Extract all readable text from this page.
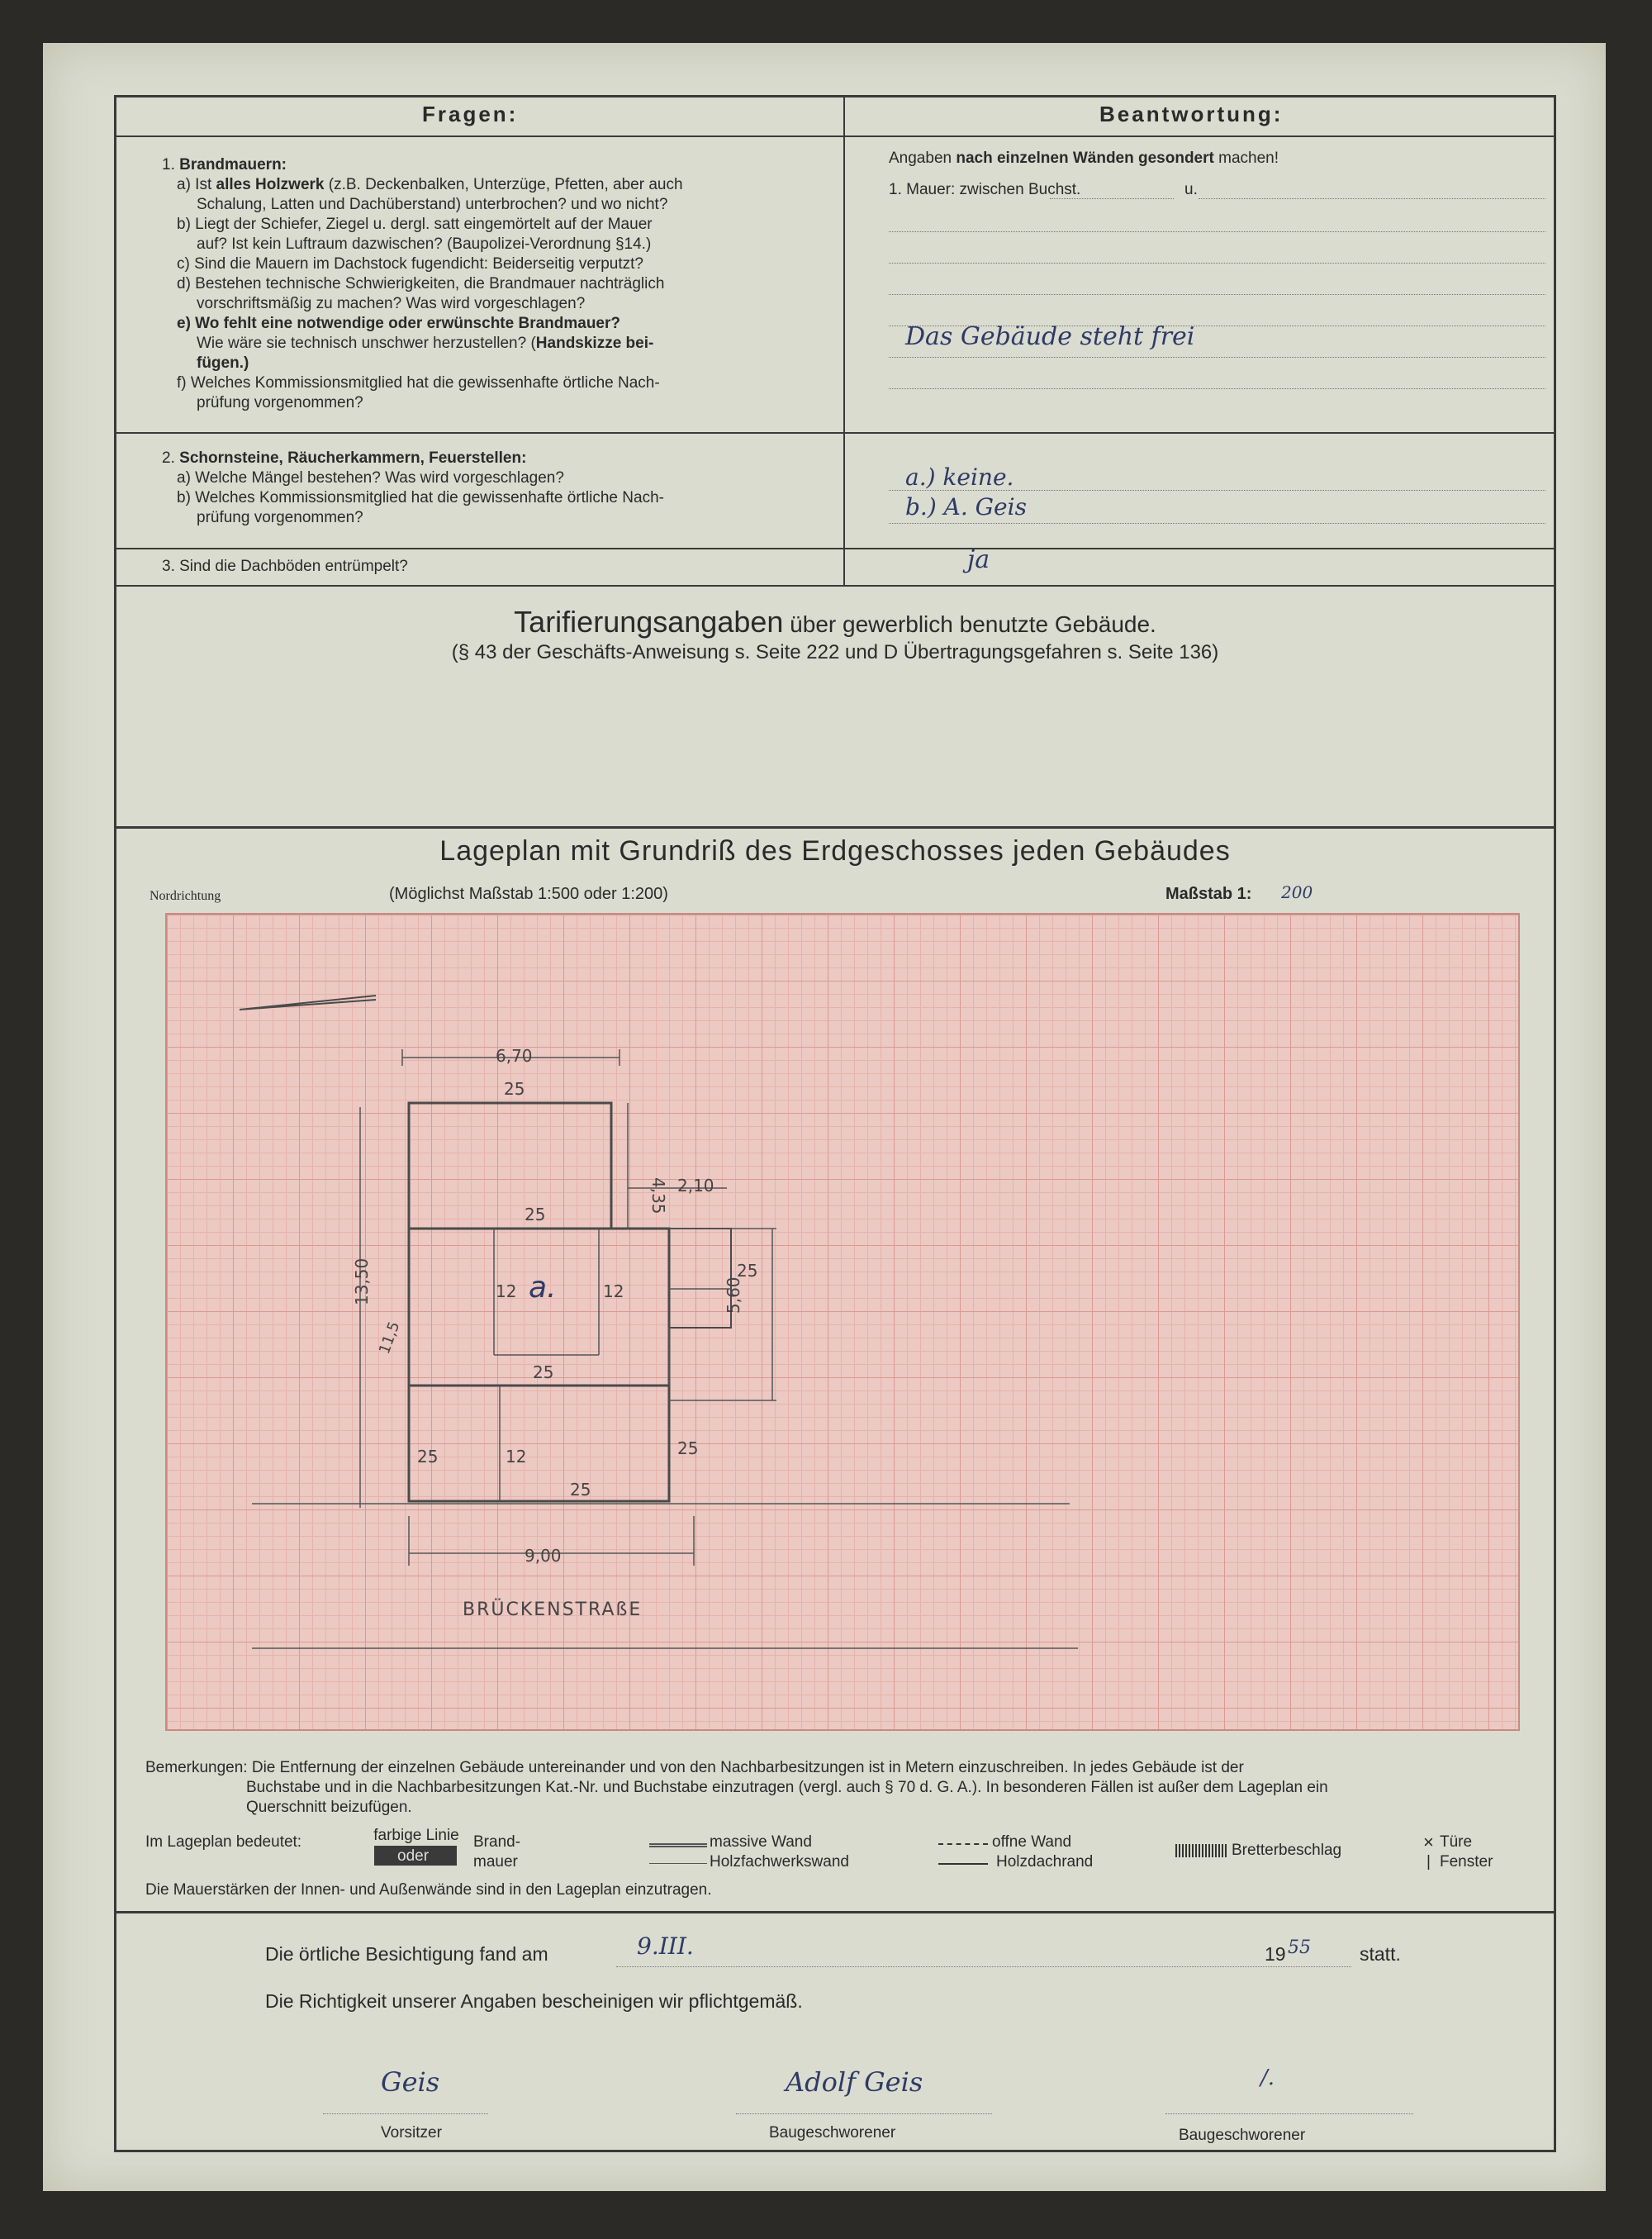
Fragen:	Beantwortung:
1. Brandmauern:
a) Ist alles Holzwerk (z.B. Deckenbalken, Unterzüge, Pfetten, aber auch
Schalung, Latten und Dachüberstand) unterbrochen? und wo nicht?
b) Liegt der Schiefer, Ziegel u. dergl. satt eingemörtelt auf der Mauer
auf? Ist kein Luftraum dazwischen? (Baupolizei-Verordnung §14.)
c) Sind die Mauern im Dachstock fugendicht: Beiderseitig verputzt?
d) Bestehen technische Schwierigkeiten, die Brandmauer nachträglich
vorschriftsmäßig zu machen? Was wird vorgeschlagen?
e) Wo fehlt eine notwendige oder erwünschte Brandmauer?
Wie wäre sie technisch unschwer herzustellen? (Handskizze bei-
fügen.)
f) Welches Kommissionsmitglied hat die gewissenhafte örtliche Nach-
prüfung vorgenommen?
Angaben nach einzelnen Wänden gesondert machen!
1. Mauer: zwischen Buchst.	u.
Das Gebäude steht frei
2. Schornsteine, Räucherkammern, Feuerstellen:
a) Welche Mängel bestehen? Was wird vorgeschlagen?
b) Welches Kommissionsmitglied hat die gewissenhafte örtliche Nach-
prüfung vorgenommen?
a.) keine.
b.) A. Geis
3. Sind die Dachböden entrümpelt?	ja
Tarifierungsangaben über gewerblich benutzte Gebäude.
(§ 43 der Geschäfts-Anweisung s. Seite 222 und D Übertragungsgefahren s. Seite 136)
Lageplan mit Grundriß des Erdgeschosses jeden Gebäudes
Nordrichtung	(Möglichst Maßstab 1:500 oder 1:200)	Maßstab 1: 200
Bemerkungen: Die Entfernung der einzelnen Gebäude untereinander und von den Nachbarbesitzungen ist in Metern einzuschreiben. In jedes Gebäude ist der
Buchstabe und in die Nachbarbesitzungen Kat.-Nr. und Buchstabe einzutragen (vergl. auch § 70 d. G. A.). In besonderen Fällen ist außer dem Lageplan ein
Querschnitt beizufügen.
Im Lageplan bedeutet:	farbige Linie
oder
Brand-
mauer
massive Wand
Holzfachwerkswand
offne Wand
Holzdachrand
Bretterbeschlag	× Türe
| Fenster
Die Mauerstärken der Innen- und Außenwände sind in den Lageplan einzutragen.
Die örtliche Besichtigung fand am	9.III.	19 55	statt.
Die Richtigkeit unserer Angaben bescheinigen wir pflichtgemäß.
Geis	Adolf Geis	/.
Vorsitzer	Baugeschworener	Baugeschworener
6,70
25
4,35 2,10
25
12	12
a.	25
5,60
13,50
11,5
25
25	12	25
25
9,00
BRÜCKENSTRAßE
